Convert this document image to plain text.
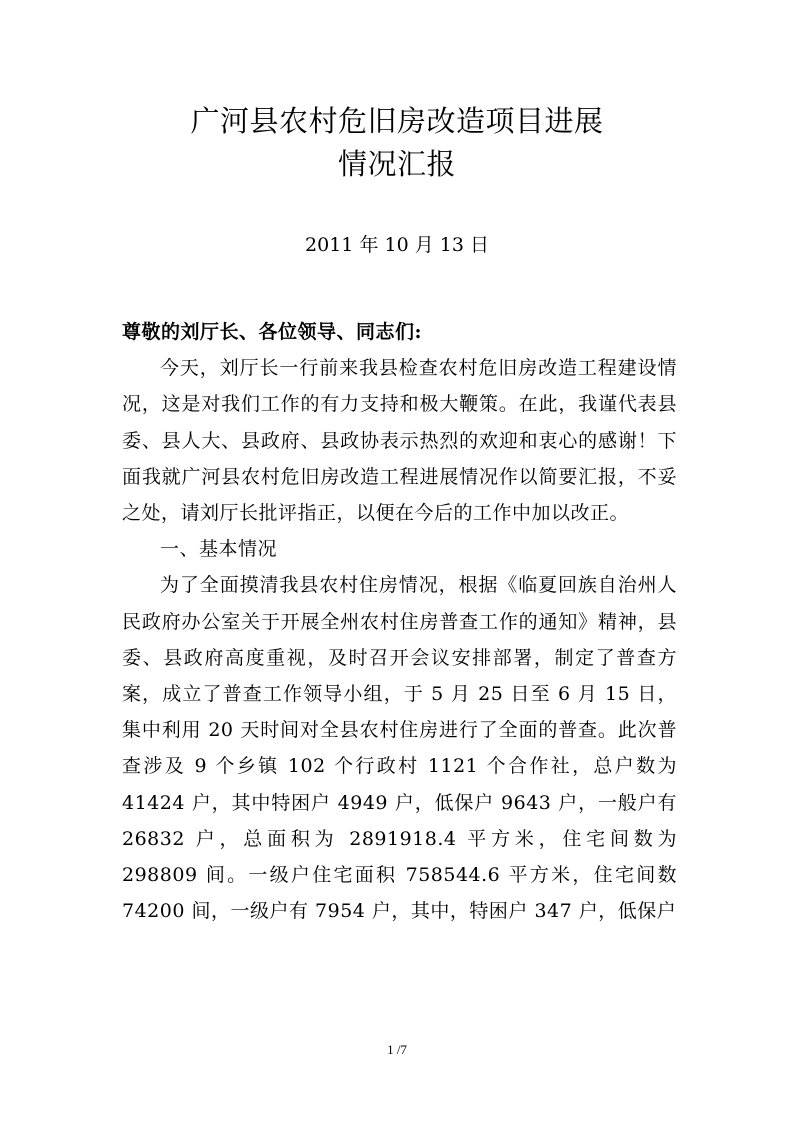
广河县农村危旧房改造项目进展
情况汇报
2011 年 10 月 13 日

尊敬的刘厅长、各位领导、同志们:

今天，刘厅长一行前来我县检查农村危旧房改造工程建设情况，这是对我们工作的有力支持和极大鞭策。在此，我谨代表县委、县人大、县政府、县政协表示热烈的欢迎和衷心的感谢！下面我就广河县农村危旧房改造工程进展情况作以简要汇报，不妥之处，请刘厅长批评指正，以便在今后的工作中加以改正。

一、基本情况

为了全面摸清我县农村住房情况，根据《临夏回族自治州人民政府办公室关于开展全州农村住房普查工作的通知》精神，县委、县政府高度重视，及时召开会议安排部署，制定了普查方案，成立了普查工作领导小组，于 5 月 25 日至 6 月 15 日，集中利用 20 天时间对全县农村住房进行了全面的普查。此次普查涉及 9 个乡镇 102 个行政村 1121 个合作社，总户数为 41424 户，其中特困户 4949 户，低保户 9643 户，一般户有 26832 户，总面积为 2891918.4 平方米，住宅间数为 298809 间。一级户住宅面积 758544.6 平方米，住宅间数 74200 间，一级户有 7954 户，其中，特困户 347 户，低保户

1 /7
